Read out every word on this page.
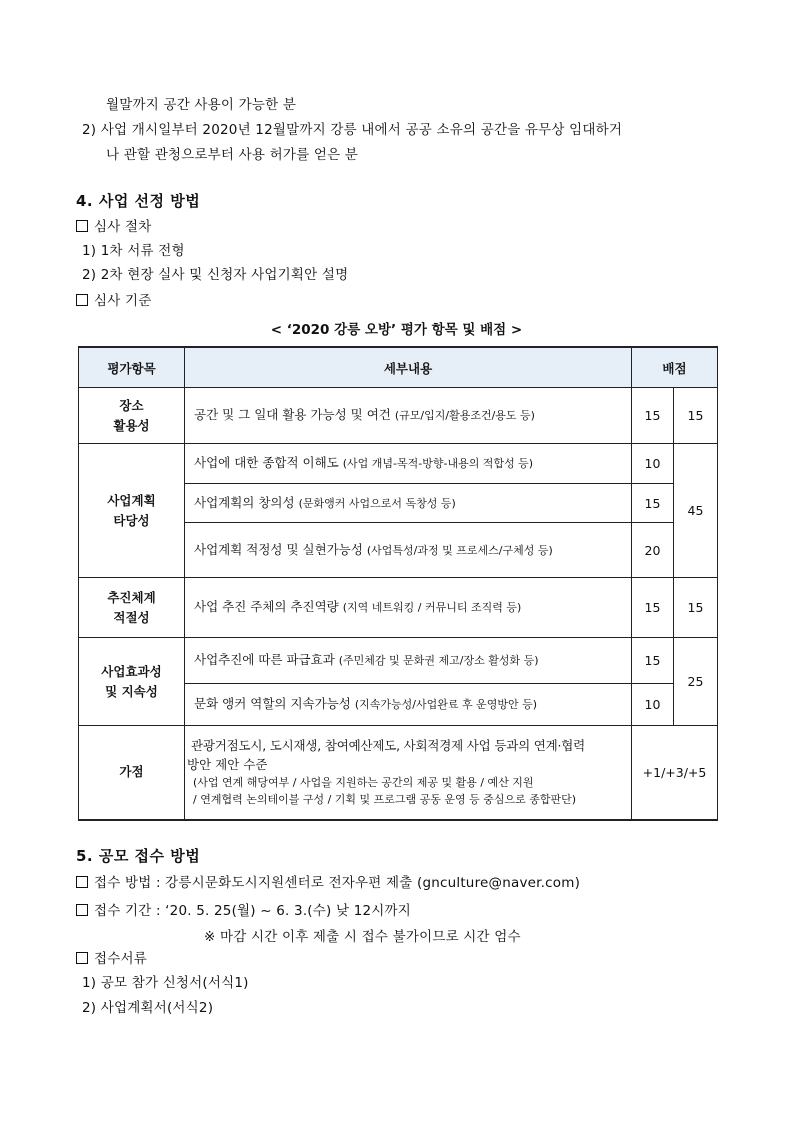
월말까지 공간 사용이 가능한 분
2) 사업 개시일부터 2020년 12월말까지 강릉 내에서 공공 소유의 공간을 유무상 임대하거
나 관할 관청으로부터 사용 허가를 얻은 분
4. 사업 선정 방법
심사 절차
1) 1차 서류 전형
2) 2차 현장 실사 및 신청자 사업기획안 설명
심사 기준
< ‘2020 강릉 오방’ 평가 항목 및 배점 >
평가항목	세부내용	배점	

장소
활용성	공간 및 그 일대 활용 가능성 및 여건 (규모/입지/활용조건/용도 등)	15	15

사업계획
타당성	사업에 대한 종합적 이해도 (사업 개념-목적-방향-내용의 적합성 등)	10	45
	사업계획의 창의성 (문화앵커 사업으로서 독창성 등)	15	
	사업계획 적정성 및 실현가능성 (사업특성/과정 및 프로세스/구체성 등)	20	

추진체계
적절성	사업 추진 주체의 추진역량 (지역 네트워킹 / 커뮤니티 조직력 등)	15	15

사업효과성
및 지속성	사업추진에 따른 파급효과 (주민체감 및 문화권 제고/장소 활성화 등)	15	25
	문화 앵커 역할의 지속가능성 (지속가능성/사업완료 후 운영방안 등)	10	
가점	관광거점도시, 도시재생, 참여예산제도, 사회적경제 사업 등과의 연계·협력
방안 제안 수준
(사업 연계 해당여부 / 사업을 지원하는 공간의 제공 및 활용 / 예산 지원
/ 연계협력 논의테이블 구성 / 기획 및 프로그램 공동 운영 등 중심으로 종합판단)	+1/+3/+5	
5. 공모 접수 방법
접수 방법 : 강릉시문화도시지원센터로 전자우편 제출 (gnculture@naver.com)
접수 기간 : ‘20. 5. 25(월) ~ 6. 3.(수) 낮 12시까지
※ 마감 시간 이후 제출 시 접수 불가이므로 시간 엄수
접수서류
1) 공모 참가 신청서(서식1)
2) 사업계획서(서식2)
